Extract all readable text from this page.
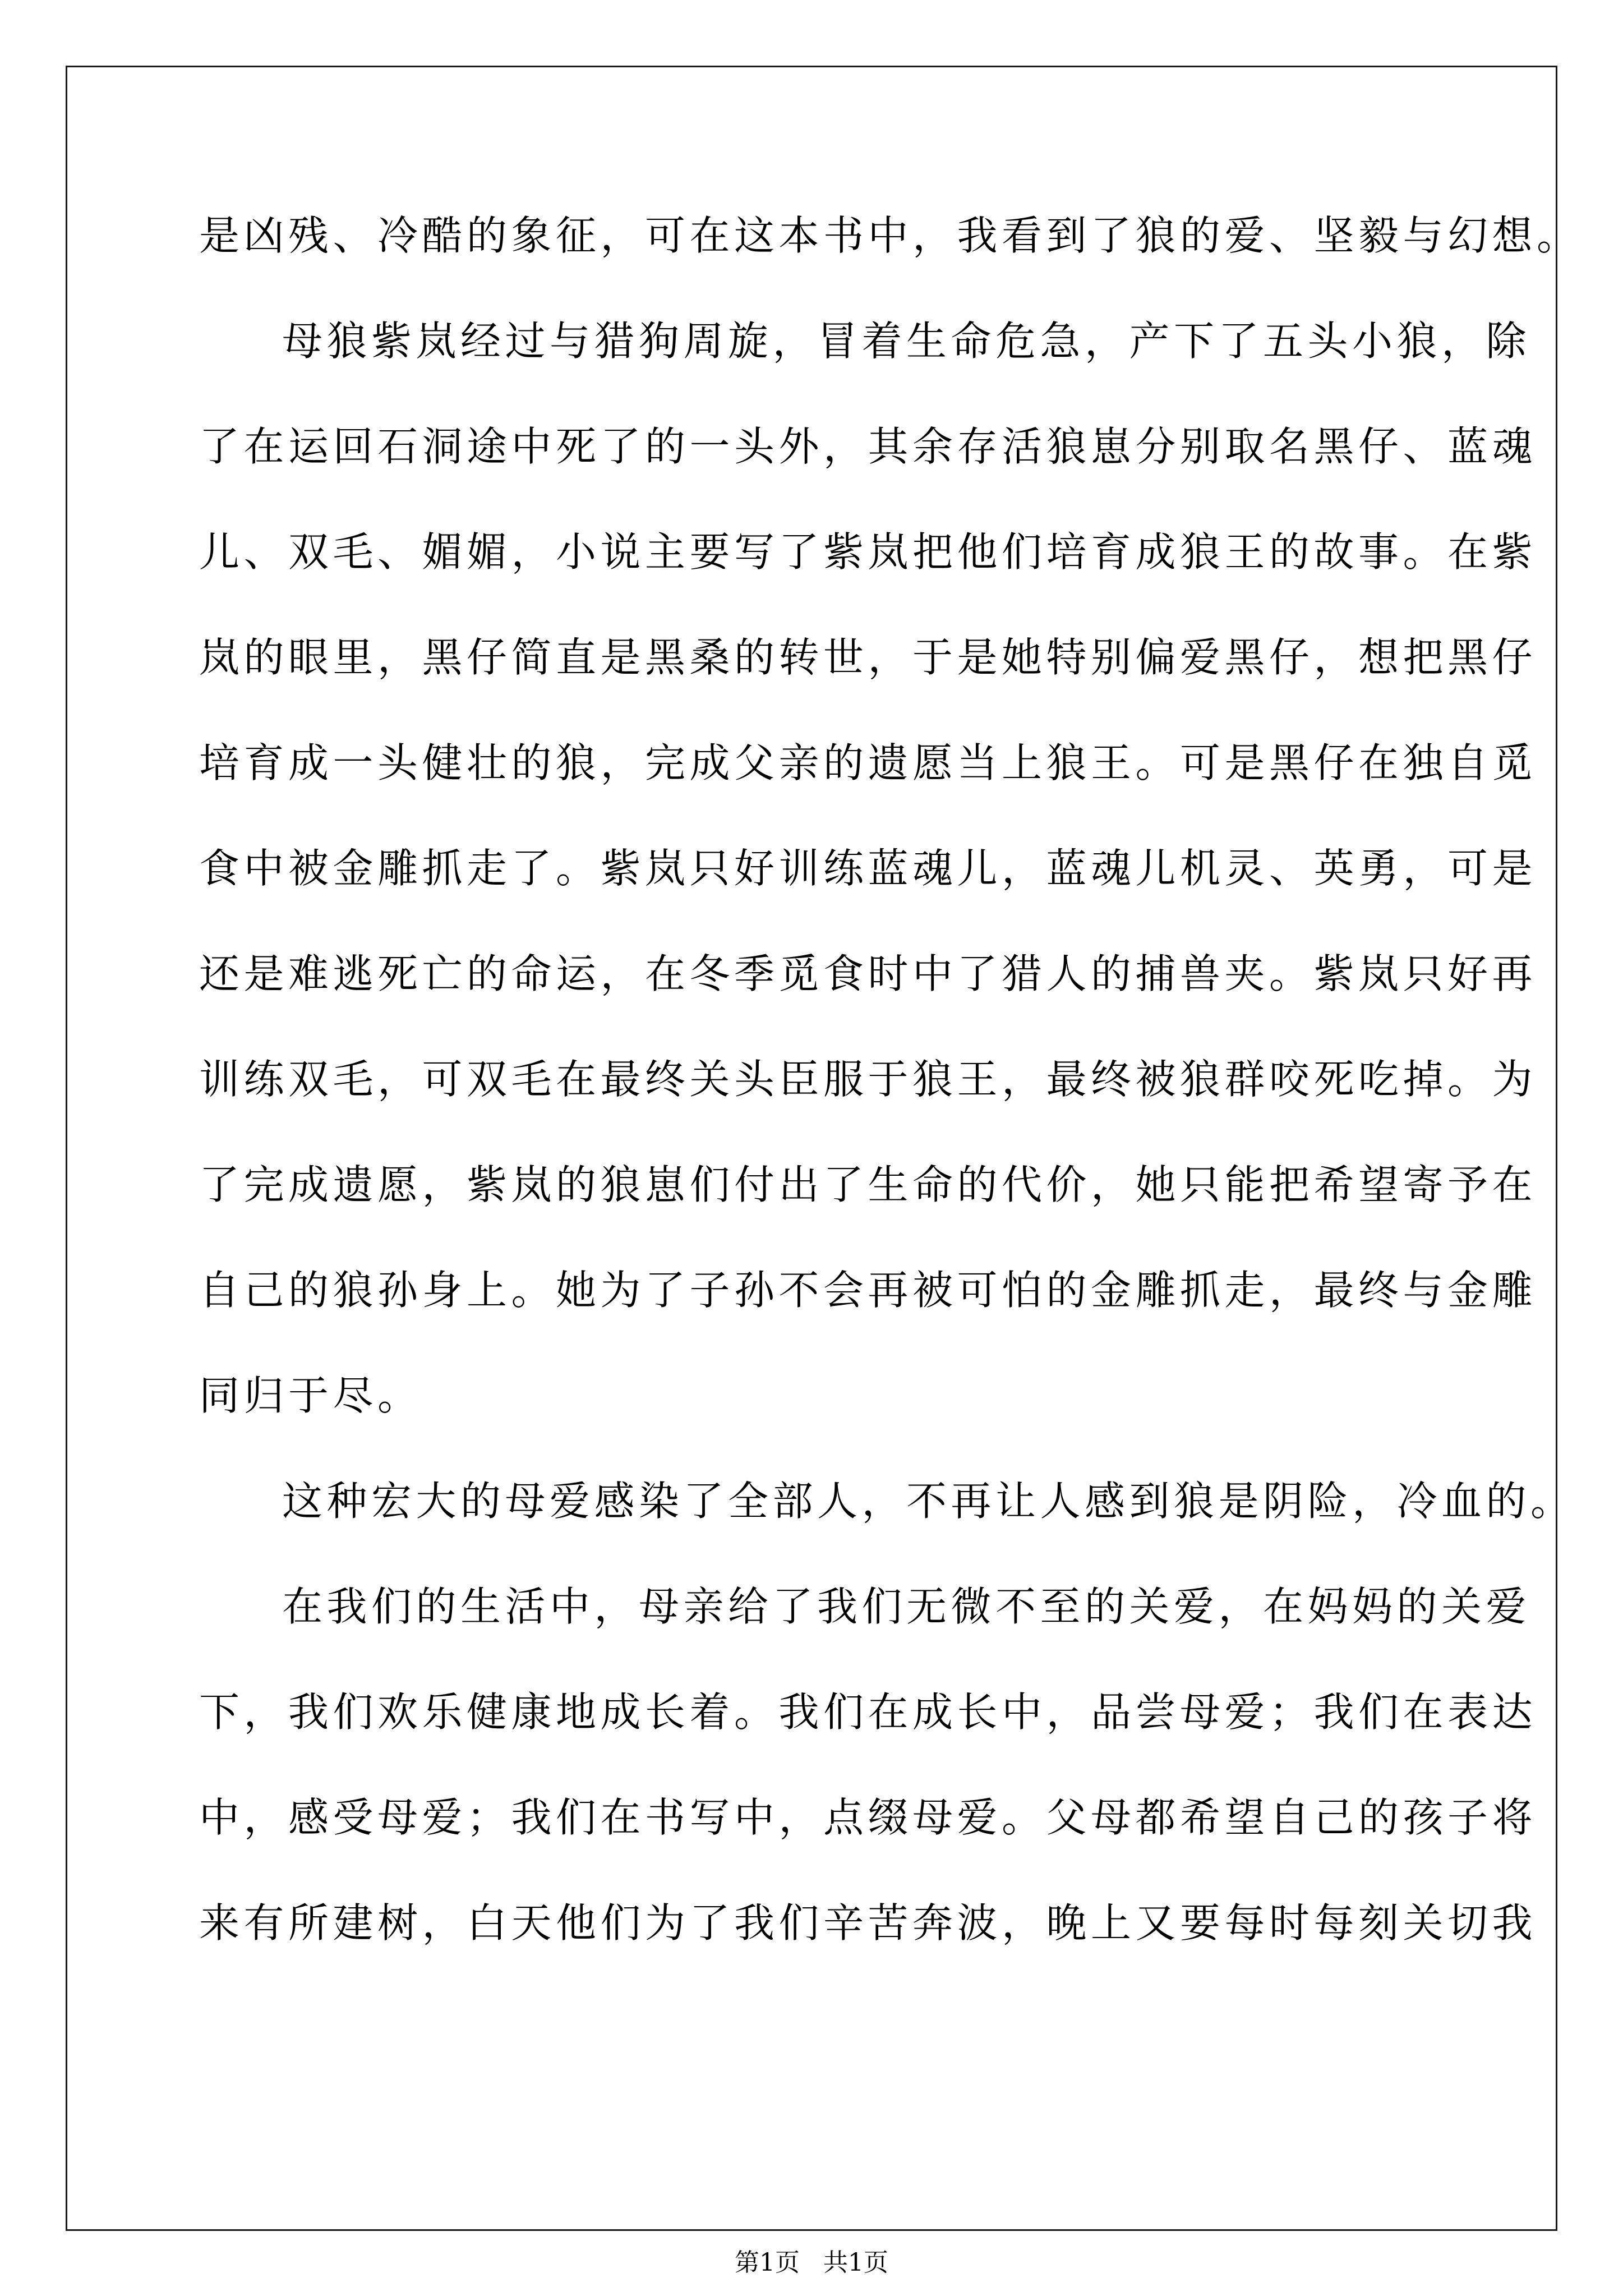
是凶残、冷酷的象征，可在这本书中，我看到了狼的爱、坚毅与幻想。
母狼紫岚经过与猎狗周旋，冒着生命危急，产下了五头小狼，除
了在运回石洞途中死了的一头外，其余存活狼崽分别取名黑仔、蓝魂
儿、双毛、媚媚，小说主要写了紫岚把他们培育成狼王的故事。在紫
岚的眼里，黑仔简直是黑桑的转世，于是她特别偏爱黑仔，想把黑仔
培育成一头健壮的狼，完成父亲的遗愿当上狼王。可是黑仔在独自觅
食中被金雕抓走了。紫岚只好训练蓝魂儿，蓝魂儿机灵、英勇，可是
还是难逃死亡的命运，在冬季觅食时中了猎人的捕兽夹。紫岚只好再
训练双毛，可双毛在最终关头臣服于狼王，最终被狼群咬死吃掉。为
了完成遗愿，紫岚的狼崽们付出了生命的代价，她只能把希望寄予在
自己的狼孙身上。她为了子孙不会再被可怕的金雕抓走，最终与金雕
同归于尽。
这种宏大的母爱感染了全部人，不再让人感到狼是阴险，冷血的。
在我们的生活中，母亲给了我们无微不至的关爱，在妈妈的关爱
下，我们欢乐健康地成长着。我们在成长中，品尝母爱；我们在表达
中，感受母爱；我们在书写中，点缀母爱。父母都希望自己的孩子将
来有所建树，白天他们为了我们辛苦奔波，晚上又要每时每刻关切我
第1页   共1页
